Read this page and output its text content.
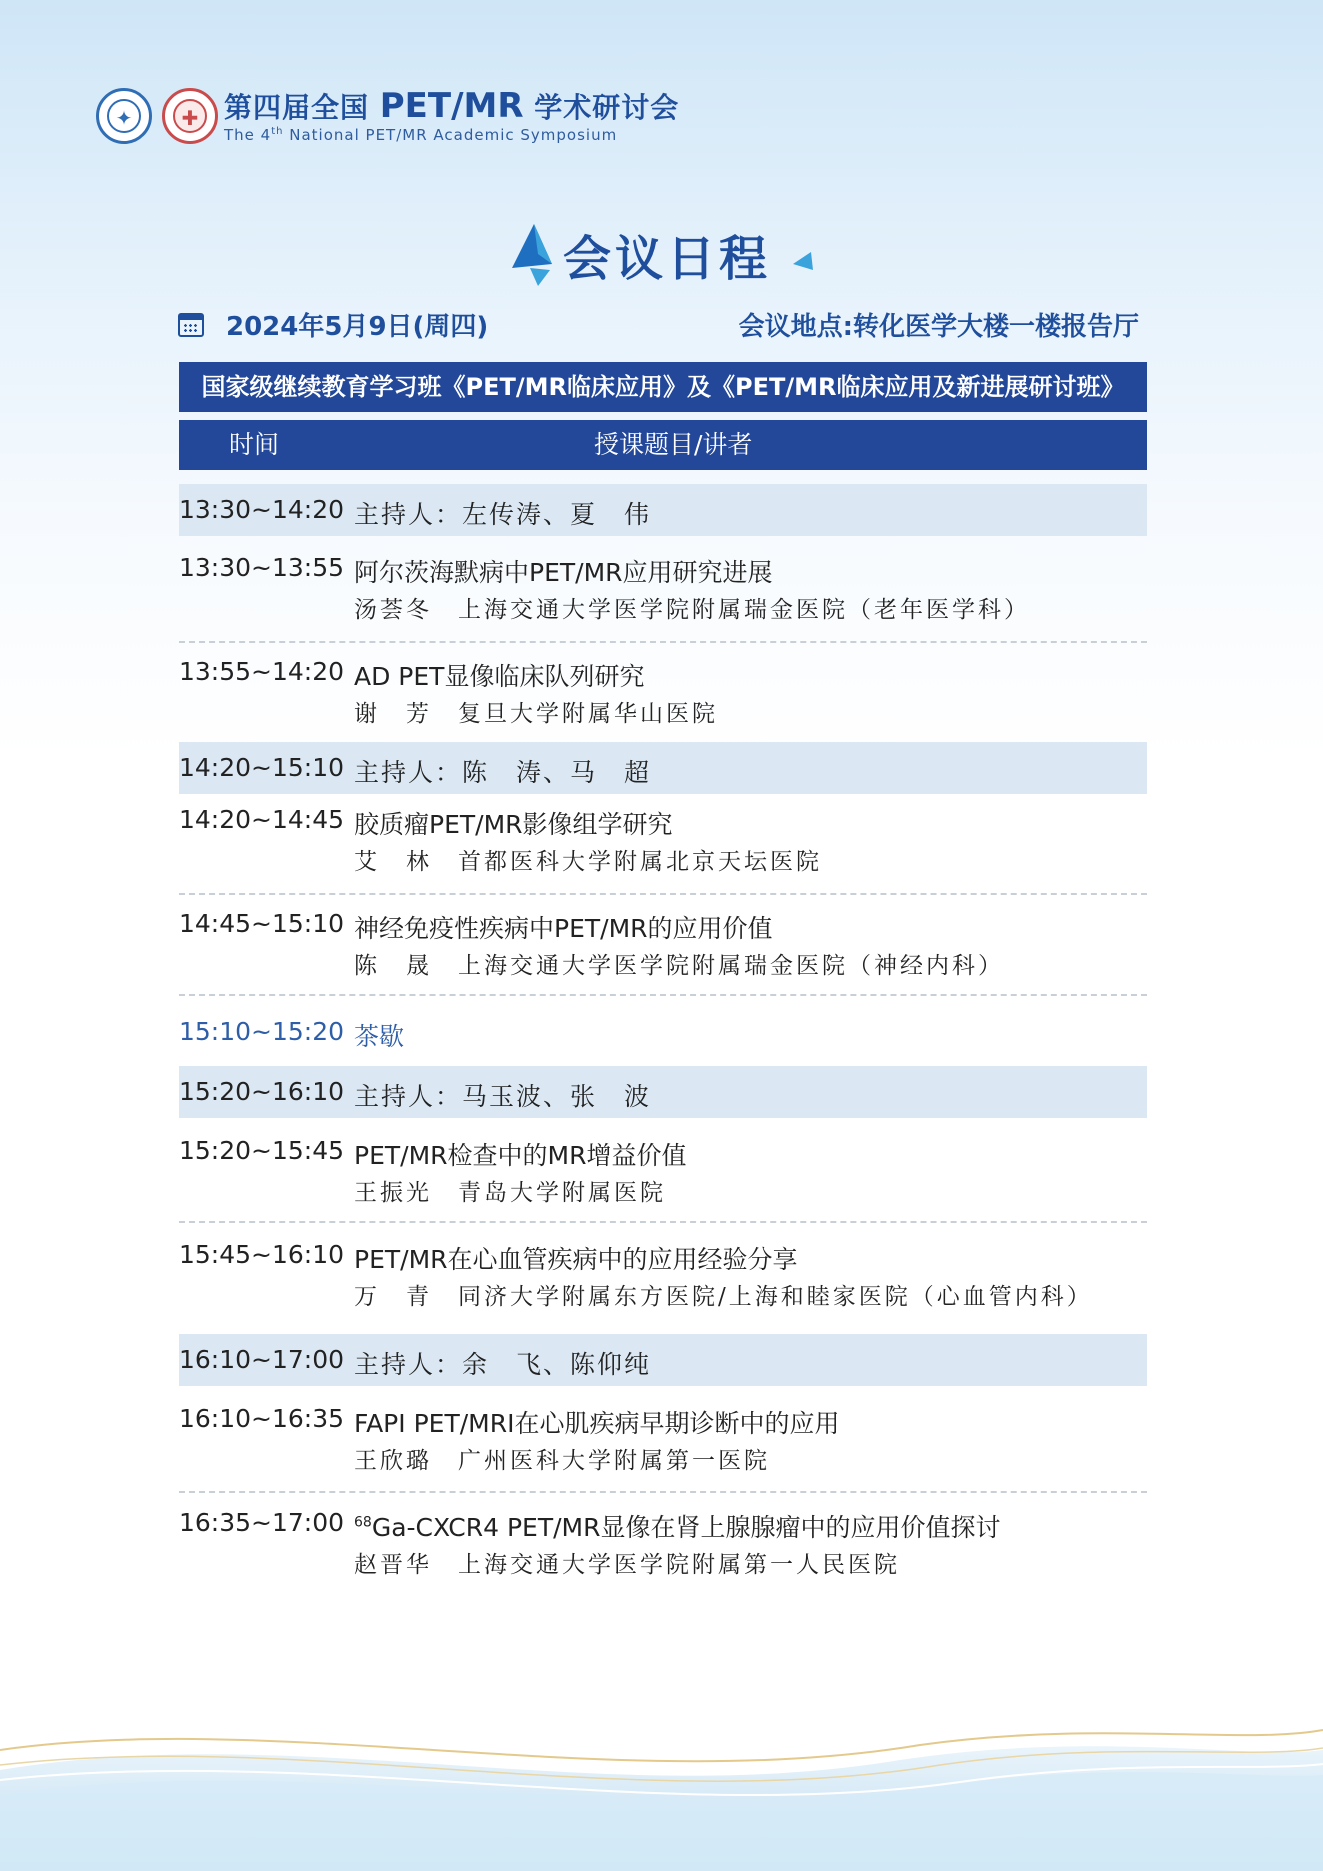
✦	✚ 第四届全国 PET/MR 学术研讨会
The 4th National PET/MR Academic Symposium
会议日程
2024年5月9日(周四)	会议地点:转化医学大楼一楼报告厅
国家级继续教育学习班《PET/MR临床应用》及《PET/MR临床应用及新进展研讨班》
时间	授课题目/讲者
13:30~14:20 主持人：左传涛、夏　伟
13:30~13:55 阿尔茨海默病中PET/MR应用研究进展
汤荟冬　上海交通大学医学院附属瑞金医院（老年医学科）
13:55~14:20 AD PET显像临床队列研究
谢　芳　复旦大学附属华山医院
14:20~15:10 主持人：陈　涛、马　超
14:20~14:45 胶质瘤PET/MR影像组学研究
艾　林　首都医科大学附属北京天坛医院
14:45~15:10 神经免疫性疾病中PET/MR的应用价值
陈　晟　上海交通大学医学院附属瑞金医院（神经内科）
15:10~15:20 茶歇
15:20~16:10 主持人：马玉波、张　波
15:20~15:45 PET/MR检查中的MR增益价值
王振光　青岛大学附属医院
15:45~16:10 PET/MR在心血管疾病中的应用经验分享
万　青　同济大学附属东方医院/上海和睦家医院（心血管内科）
16:10~17:00 主持人：余　飞、陈仰纯
16:10~16:35 FAPI PET/MRI在心肌疾病早期诊断中的应用
王欣璐　广州医科大学附属第一医院
16:35~17:00 $^{68}$Ga-CXCR4 PET/MR显像在肾上腺腺瘤中的应用价值探讨
赵晋华　上海交通大学医学院附属第一人民医院
